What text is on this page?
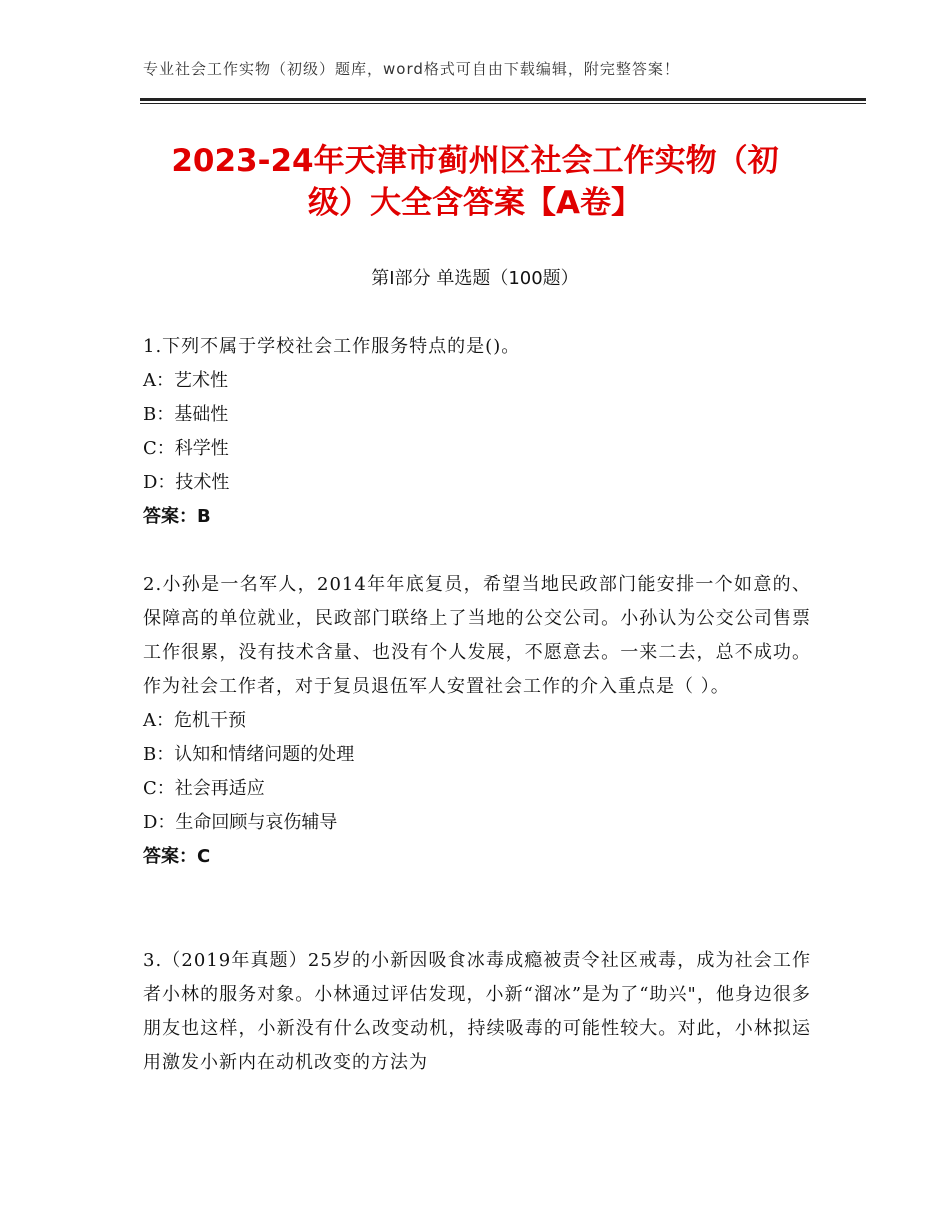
专业社会工作实物（初级）题库，word格式可自由下载编辑，附完整答案！
2023-24年天津市蓟州区社会工作实物（初
级）大全含答案【A卷】
第Ⅰ部分 单选题（100题）

1.下列不属于学校社会工作服务特点的是()。

A：艺术性

B：基础性

C：科学性

D：技术性

答案：B

2.小孙是一名军人，2014年年底复员，希望当地民政部门能安排一个如意的、保障高的单位就业，民政部门联络上了当地的公交公司。小孙认为公交公司售票工作很累，没有技术含量、也没有个人发展，不愿意去。一来二去，总不成功。作为社会工作者，对于复员退伍军人安置社会工作的介入重点是（ ）。

A：危机干预

B：认知和情绪问题的处理

C：社会再适应

D：生命回顾与哀伤辅导

答案：C

3.（2019年真题）25岁的小新因吸食冰毒成瘾被责令社区戒毒，成为社会工作者小林的服务对象。小林通过评估发现，小新“溜冰”是为了“助兴"，他身边很多朋友也这样，小新没有什么改变动机，持续吸毒的可能性较大。对此，小林拟运用激发小新内在动机改变的方法为
